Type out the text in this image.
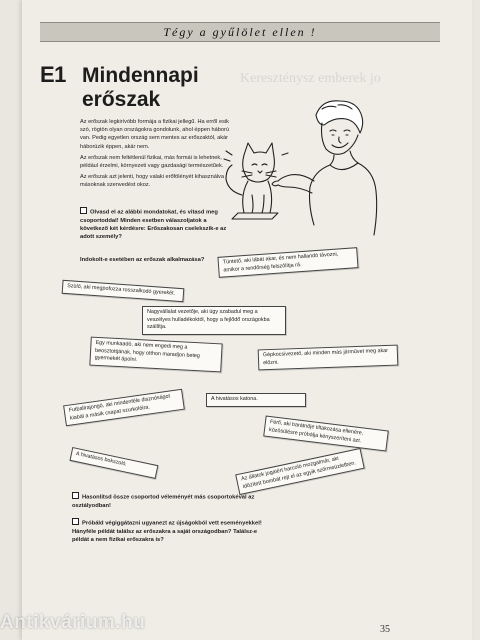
Kereszténysz emberek jo
Tégy a gyűlölet ellen !
E1 Mindennapi
erőszak

Az erőszak legkirívóbb formája a fizikai jellegű. Ha erről esik szó, rögtön olyan országokra gondolunk, ahol éppen háború van. Pedig egyetlen ország sem mentes az erőszaktól, akár háborúzik éppen, akár nem.

Az erőszak nem feltétlenül fizikai, más formái is lehetnek, például érzelmi, környezeti vagy gazdasági természetűek.

Az erőszak azt jelenti, hogy valaki erőfölényét kihasználva másoknak szenvedést okoz.

Olvasd el az alábbi mondatokat, és vitasd meg csoportoddal! Minden esetben válaszoljatok a következő két kérdésre: Erőszakosan cselekszik-e az adott személy?
Indokolt-e esetében az erőszak alkalmazása?	Tüntető, aki lábát akar, és nem hallandó távozni, amikor a rendőrség felszólítja rá.
Szülő, aki megpofozza rosszalkodó gyerekét.
Nagyvállalat vezetője, aki úgy szabadul meg a veszélyes hulladékoktól, hogy a fejlődő országokba szállítja.
Egy munkaadó, aki nem engedi meg a beosztottjának, hogy otthon maradjon beteg gyermekét ápolni.
Gépkocsivezető, aki minden más járművet meg akar előzni.
Futballrajongó, aki mindenféle disznóságot kiabál a másik csapat szurkolóira.
A hivatásos katona.
Férfi, aki barátnője tiltakozása ellenére, közösülésre próbálja kényszeríteni azt.
A hivatásos bokszoló.	Az állatok jogaiért harcoló mozgalmár, aki időzített bombát rejt el az egyik szőrmeüzletben.
Hasonlítsd össze csoportod véleményét más csoportokéval az osztályodban!
Próbáld végiggátazni ugyanezt az újságokból vett eseményekkel! Hányféle példát találsz az erőszakra a saját országodban? Találsz-e példát a nem fizikai erőszakra is?
35
Antikvárium.hu
